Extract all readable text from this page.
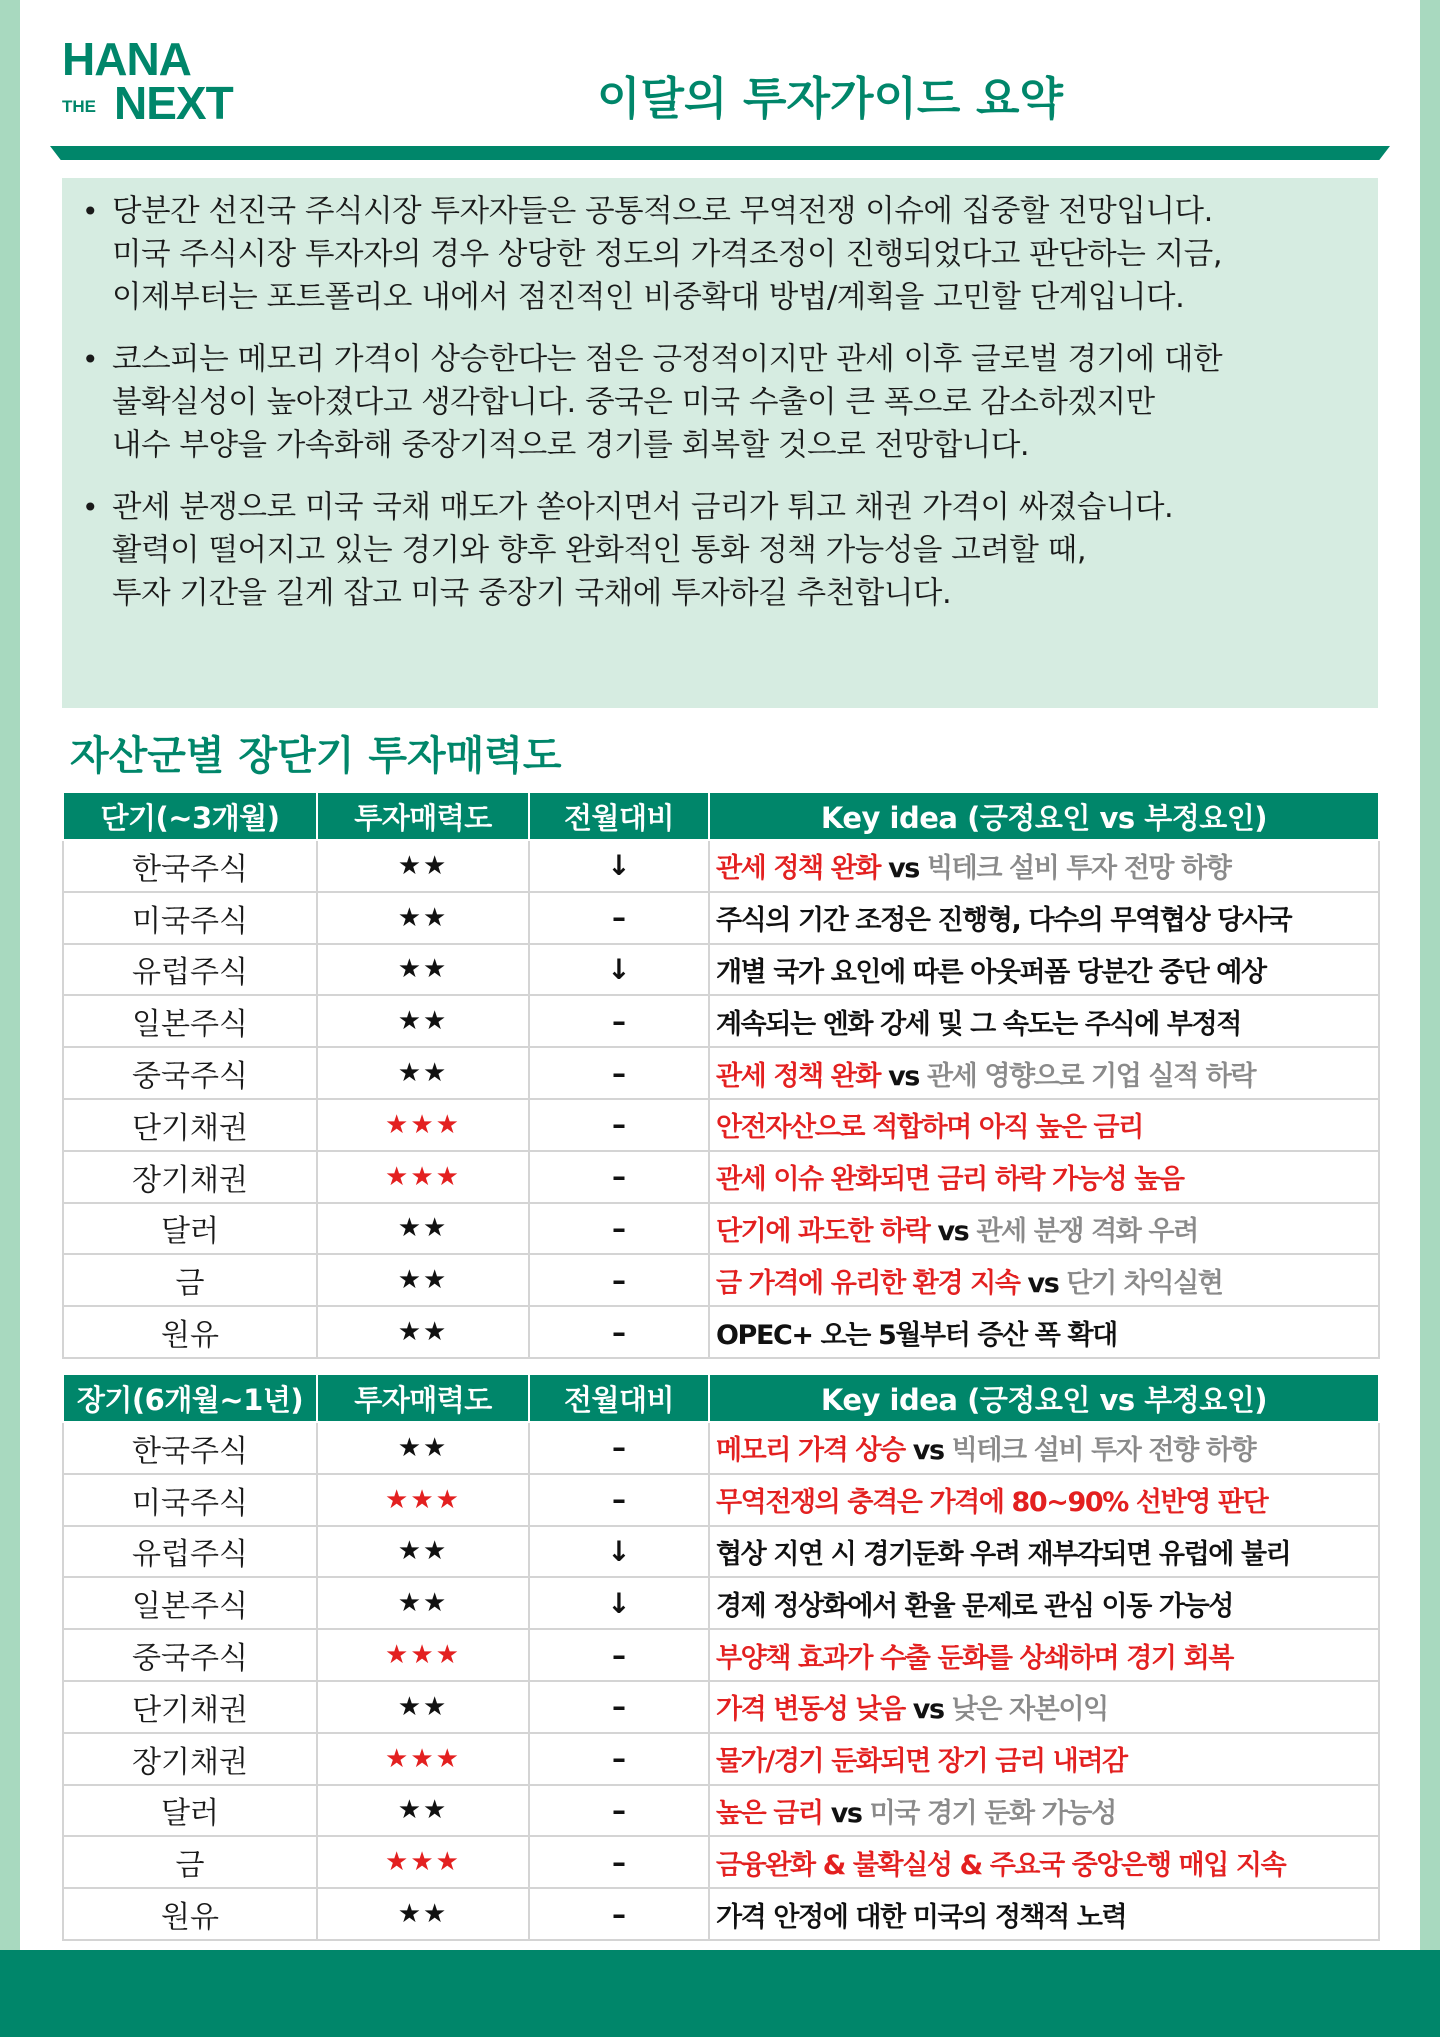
HANA
THE NEXT	이달의 투자가이드 요약
• 당분간 선진국 주식시장 투자자들은 공통적으로 무역전쟁 이슈에 집중할 전망입니다.
미국 주식시장 투자자의 경우 상당한 정도의 가격조정이 진행되었다고 판단하는 지금,
이제부터는 포트폴리오 내에서 점진적인 비중확대 방법/계획을 고민할 단계입니다.
• 코스피는 메모리 가격이 상승한다는 점은 긍정적이지만 관세 이후 글로벌 경기에 대한
불확실성이 높아졌다고 생각합니다. 중국은 미국 수출이 큰 폭으로 감소하겠지만
내수 부양을 가속화해 중장기적으로 경기를 회복할 것으로 전망합니다.
• 관세 분쟁으로 미국 국채 매도가 쏟아지면서 금리가 튀고 채권 가격이 싸졌습니다.
활력이 떨어지고 있는 경기와 향후 완화적인 통화 정책 가능성을 고려할 때,
투자 기간을 길게 잡고 미국 중장기 국채에 투자하길 추천합니다.
자산군별 장단기 투자매력도
단기(~3개월)	투자매력도	전월대비	Key idea (긍정요인 vs 부정요인)
한국주식	★★	↓	관세 정책 완화 vs 빅테크 설비 투자 전망 하향
미국주식	★★	–	주식의 기간 조정은 진행형, 다수의 무역협상 당사국
유럽주식	★★	↓	개별 국가 요인에 따른 아웃퍼폼 당분간 중단 예상
일본주식	★★	–	계속되는 엔화 강세 및 그 속도는 주식에 부정적
중국주식	★★	–	관세 정책 완화 vs 관세 영향으로 기업 실적 하락
단기채권	★★★	–	안전자산으로 적합하며 아직 높은 금리
장기채권	★★★	–	관세 이슈 완화되면 금리 하락 가능성 높음
달러	★★	–	단기에 과도한 하락 vs 관세 분쟁 격화 우려
금	★★	–	금 가격에 유리한 환경 지속 vs 단기 차익실현
원유	★★	–	OPEC+ 오는 5월부터 증산 폭 확대
장기(6개월~1년)	투자매력도	전월대비	Key idea (긍정요인 vs 부정요인)
한국주식	★★	–	메모리 가격 상승 vs 빅테크 설비 투자 전향 하향
미국주식	★★★	–	무역전쟁의 충격은 가격에 80~90% 선반영 판단
유럽주식	★★	↓	협상 지연 시 경기둔화 우려 재부각되면 유럽에 불리
일본주식	★★	↓	경제 정상화에서 환율 문제로 관심 이동 가능성
중국주식	★★★	–	부양책 효과가 수출 둔화를 상쇄하며 경기 회복
단기채권	★★	–	가격 변동성 낮음 vs 낮은 자본이익
장기채권	★★★	–	물가/경기 둔화되면 장기 금리 내려감
달러	★★	–	높은 금리 vs 미국 경기 둔화 가능성
금	★★★	–	금융완화 & 불확실성 & 주요국 중앙은행 매입 지속
원유	★★	–	가격 안정에 대한 미국의 정책적 노력
